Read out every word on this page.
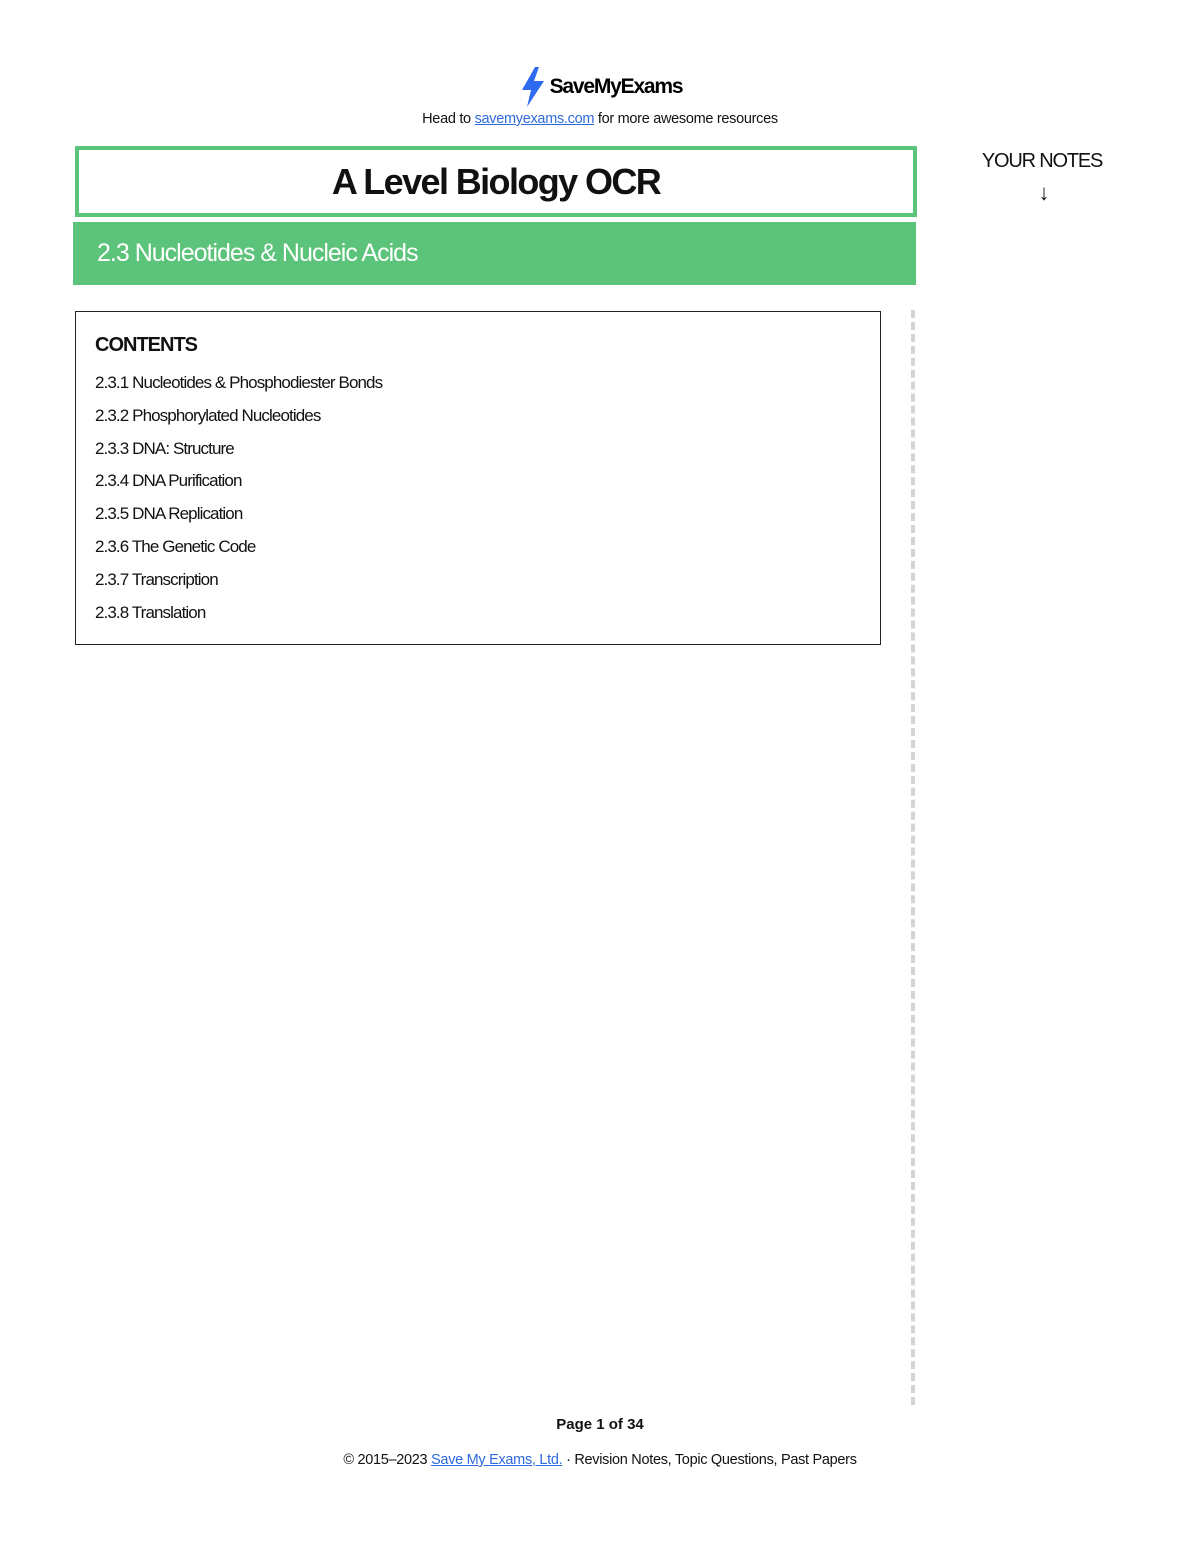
SaveMyExams
Head to savemyexams.com for more awesome resources
A Level Biology OCR
2.3 Nucleotides & Nucleic Acids
YOUR NOTES
↓
CONTENTS
2.3.1 Nucleotides & Phosphodiester Bonds
2.3.2 Phosphorylated Nucleotides
2.3.3 DNA: Structure
2.3.4 DNA Purification
2.3.5 DNA Replication
2.3.6 The Genetic Code
2.3.7 Transcription
2.3.8 Translation
Page 1 of 34
© 2015–2023 Save My Exams, Ltd. · Revision Notes, Topic Questions, Past Papers
